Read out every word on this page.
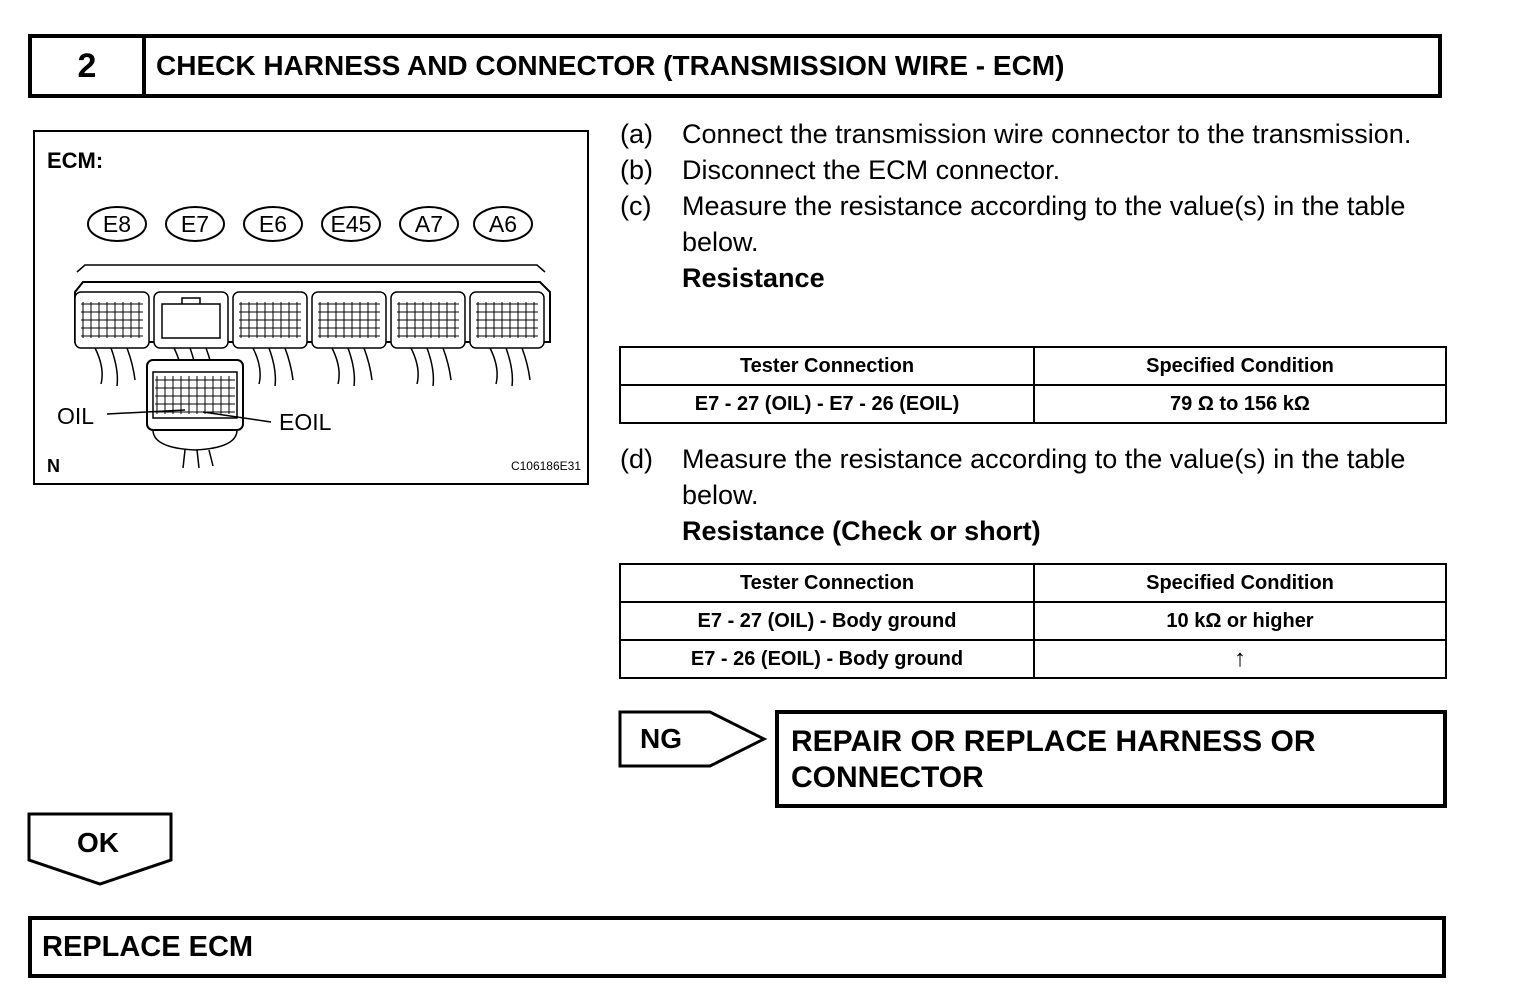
2	CHECK HARNESS AND CONNECTOR (TRANSMISSION WIRE - ECM)
ECM:
E8 E7 E6 E45 A7 A6
OIL	EOIL
N	C106186E31
(a)	Connect the transmission wire connector to the transmission.
(b)	Disconnect the ECM connector.
(c)	Measure the resistance according to the value(s) in the table below.
Resistance
Tester Connection	Specified Condition
E7 - 27 (OIL) - E7 - 26 (EOIL)	79 Ω to 156 kΩ
(d)	Measure the resistance according to the value(s) in the table below.
Resistance (Check or short)
Tester Connection	Specified Condition
E7 - 27 (OIL) - Body ground	10 kΩ or higher
E7 - 26 (EOIL) - Body ground	↑
NG	REPAIR OR REPLACE HARNESS OR CONNECTOR
OK
REPLACE ECM
